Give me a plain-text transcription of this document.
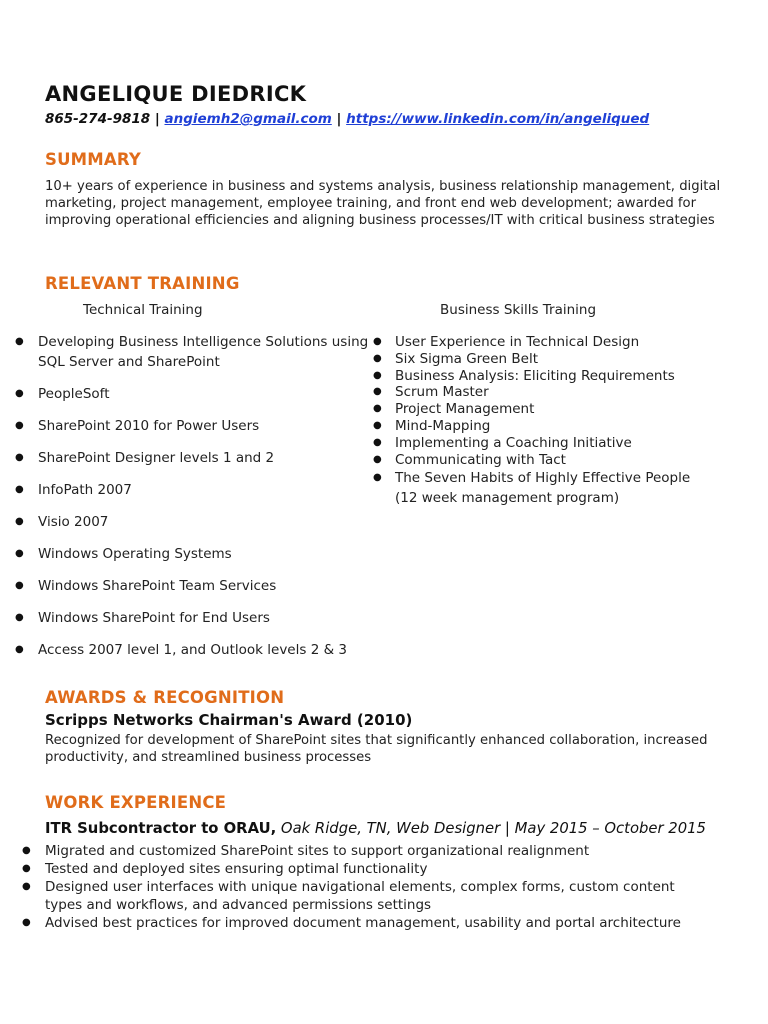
ANGELIQUE DIEDRICK
865-274-9818 | angiemh2@gmail.com | https://www.linkedin.com/in/angeliqued
SUMMARY
10+ years of experience in business and systems analysis, business relationship management, digital marketing, project management, employee training, and front end web development; awarded for improving operational efficiencies and aligning business processes/IT with critical business strategies
RELEVANT TRAINING
Technical Training	Business Skills Training
● Developing Business Intelligence Solutions using SQL Server and SharePoint
● PeopleSoft
● SharePoint 2010 for Power Users
● SharePoint Designer levels 1 and 2
● InfoPath 2007
● Visio 2007
● Windows Operating Systems
● Windows SharePoint Team Services
● Windows SharePoint for End Users
● Access 2007 level 1, and Outlook levels 2 & 3
● User Experience in Technical Design
● Six Sigma Green Belt
● Business Analysis: Eliciting Requirements
● Scrum Master
● Project Management
● Mind-Mapping
● Implementing a Coaching Initiative
● Communicating with Tact
● The Seven Habits of Highly Effective People (12 week management program)
AWARDS & RECOGNITION
Scripps Networks Chairman's Award (2010)
Recognized for development of SharePoint sites that significantly enhanced collaboration, increased productivity, and streamlined business processes
WORK EXPERIENCE
ITR Subcontractor to ORAU, Oak Ridge, TN, Web Designer | May 2015 – October 2015
● Migrated and customized SharePoint sites to support organizational realignment
● Tested and deployed sites ensuring optimal functionality
● Designed user interfaces with unique navigational elements, complex forms, custom content types and workflows, and advanced permissions settings
● Advised best practices for improved document management, usability and portal architecture
